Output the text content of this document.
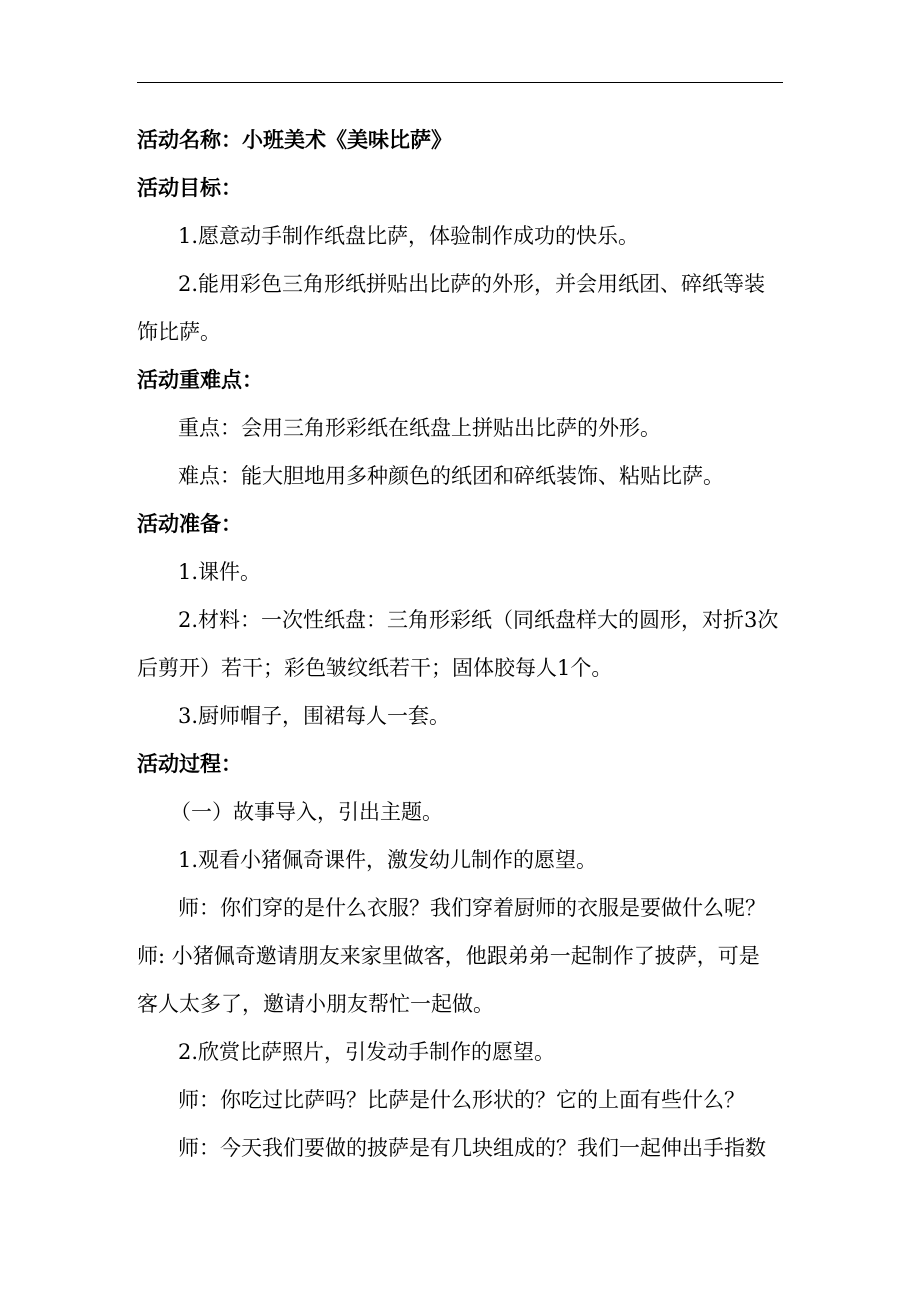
活动名称：小班美术《美味比萨》

活动目标：

1.愿意动手制作纸盘比萨，体验制作成功的快乐。

2.能用彩色三角形纸拼贴出比萨的外形，并会用纸团、碎纸等装

饰比萨。

活动重难点：

重点：会用三角形彩纸在纸盘上拼贴出比萨的外形。

难点：能大胆地用多种颜色的纸团和碎纸装饰、粘贴比萨。

活动准备：

1.课件。

2.材料：一次性纸盘：三角形彩纸（同纸盘样大的圆形，对折3次

后剪开）若干；彩色皱纹纸若干；固体胶每人1个。

3.厨师帽子，围裙每人一套。

活动过程：

（一）故事导入，引出主题。

1.观看小猪佩奇课件，激发幼儿制作的愿望。

师：你们穿的是什么衣服？我们穿着厨师的衣服是要做什么呢？

师: 小猪佩奇邀请朋友来家里做客，他跟弟弟一起制作了披萨，可是

客人太多了，邀请小朋友帮忙一起做。

2.欣赏比萨照片，引发动手制作的愿望。

师：你吃过比萨吗？比萨是什么形状的？它的上面有些什么？

师：今天我们要做的披萨是有几块组成的？我们一起伸出手指数
